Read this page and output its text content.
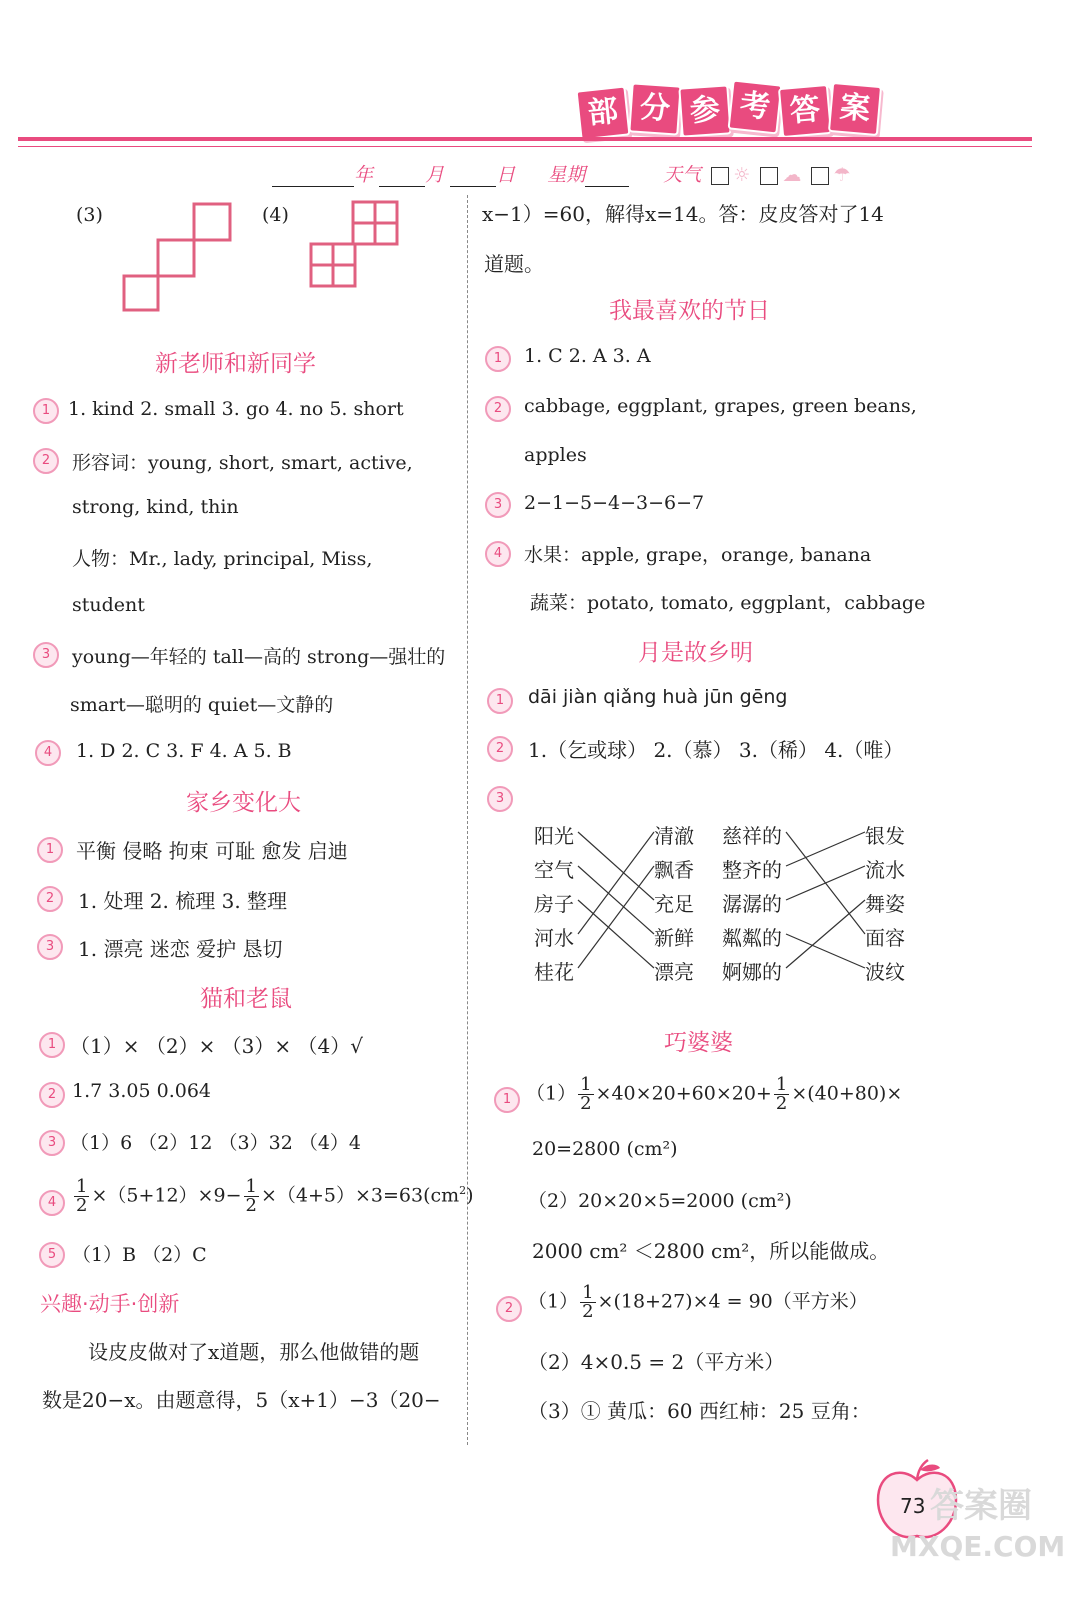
部 分 参 考 答 案
年	月	日 星期	天气 ☼ ☁ ☂
(3)	(4)
新老师和新同学
1 1. kind 2. small 3. go 4. no 5. short
2	形容词：young, short, smart, active,
strong, kind, thin
人物：Mr., lady, principal, Miss,
student
3	young—年轻的 tall—高的 strong—强壮的
smart—聪明的 quiet—文静的
4	1. D 2. C 3. F 4. A 5. B
家乡变化大
1	平衡 侵略 拘束 可耻 愈发 启迪
2	1. 处理 2. 梳理 3. 整理
3	1. 漂亮 迷恋 爱护 恳切
猫和老鼠
1 （1）× （2）× （3）× （4）√
2 1.7 3.05 0.064
3 （1）6 （2）12 （3）32 （4）4
$4 \frac{1}{2} \times(5+12)\times 9- \frac{1}{2} \times(4+5)\times 3=63(cm^2)$
5 （1）B （2）C
兴趣·动手·创新
设皮皮做对了x道题，那么他做错的题
数是20−x。由题意得，5（x+1）−3（20−
x−1）=60，解得x=14。答：皮皮答对了14
道题。
我最喜欢的节日
1	1. C 2. A 3. A
2	cabbage, eggplant, grapes, green beans,
apples
3	2−1−5−4−3−6−7
4	水果：apple, grape，orange, banana
蔬菜：potato, tomato, eggplant，cabbage
月是故乡明
1	dāi jiàn qiǎng huà jūn gēng
2	1.（乞或球） 2.（慕） 3.（稀） 4.（唯）
3
阳光
空气
房子
河水
桂花
清澈
飘香
充足
新鲜
漂亮
慈祥的
整齐的
潺潺的
粼粼的
婀娜的
银发
流水
舞姿
面容
波纹
巧婆婆
1 $(1) \frac{1}{2} \times 40\times 20+60\times 20+ \frac{1}{2} \times(40+80)\times$
20=2800 (cm²)
（2）20×20×5=2000 (cm²)
2000 cm² ＜2800 cm²，所以能做成。
2 $(1) \frac{1}{2} \times(18+27)\times 4 = 90$（平方米）
（2）4×0.5 = 2（平方米）
（3）① 黄瓜：60 西红柿：25 豆角：
73 答案圈
MXQE.COM
